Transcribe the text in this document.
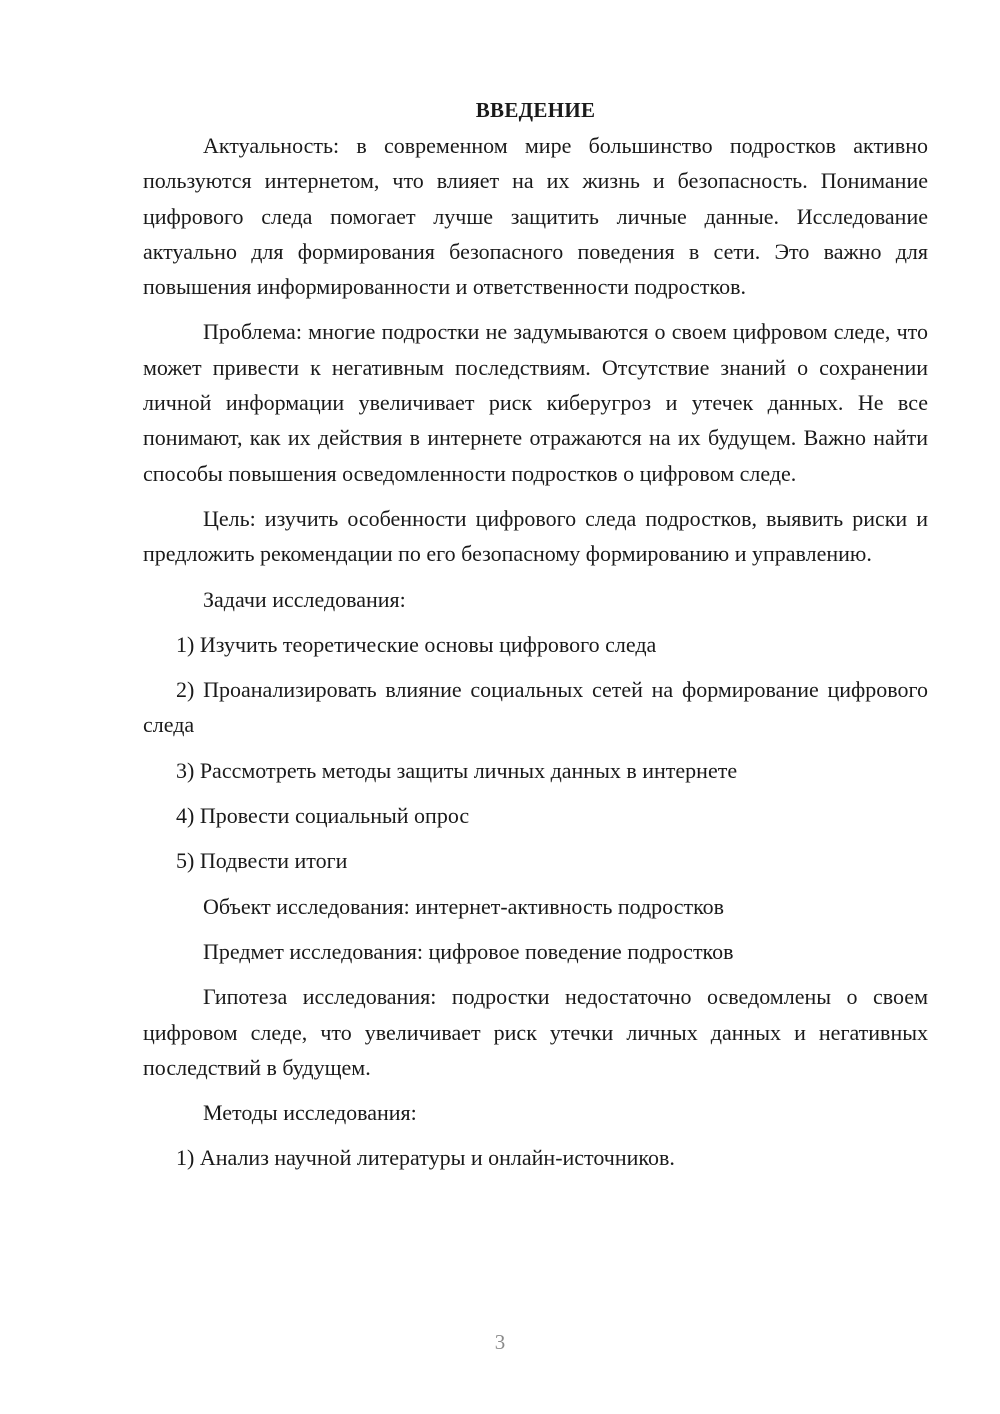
ВВЕДЕНИЕ

Актуальность: в современном мире большинство подростков активно пользуются интернетом, что влияет на их жизнь и безопасность. Понимание цифрового следа помогает лучше защитить личные данные. Исследование актуально для формирования безопасного поведения в сети. Это важно для повышения информированности и ответственности подростков.

Проблема: многие подростки не задумываются о своем цифровом следе, что может привести к негативным последствиям. Отсутствие знаний о сохранении личной информации увеличивает риск киберугроз и утечек данных. Не все понимают, как их действия в интернете отражаются на их будущем. Важно найти способы повышения осведомленности подростков о цифровом следе.

Цель: изучить особенности цифрового следа подростков, выявить риски и предложить рекомендации по его безопасному формированию и управлению.

Задачи исследования:

1) Изучить теоретические основы цифрового следа

2) Проанализировать влияние социальных сетей на формирование цифрового следа

3) Рассмотреть методы защиты личных данных в интернете

4) Провести социальный опрос

5) Подвести итоги

Объект исследования: интернет-активность подростков

Предмет исследования: цифровое поведение подростков

Гипотеза исследования: подростки недостаточно осведомлены о своем цифровом следе, что увеличивает риск утечки личных данных и негативных последствий в будущем.

Методы исследования:

1) Анализ научной литературы и онлайн-источников.

3
